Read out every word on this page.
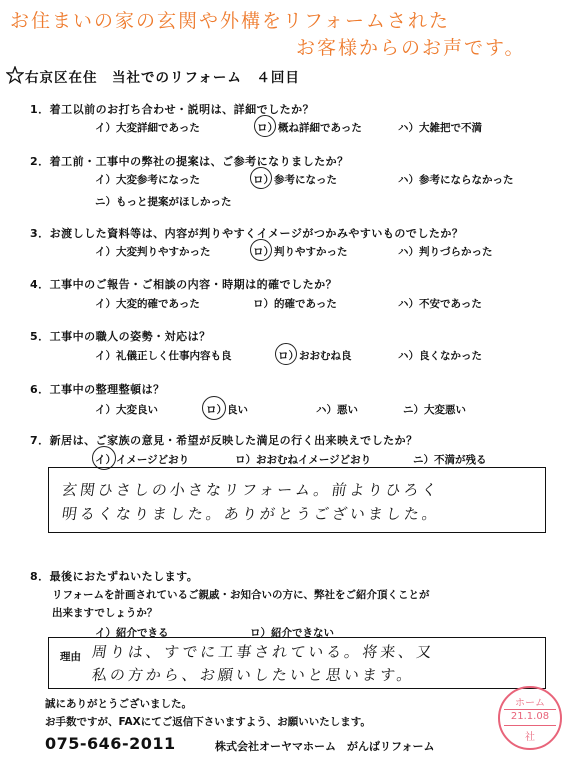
お住まいの家の玄関や外構をリフォームされた
お客様からのお声です。
右京区在住　当社でのリフォーム　４回目
1．着工以前のお打ち合わせ・説明は、詳細でしたか？
イ）大変詳細であった	ロ）概ね詳細であった	ハ）大雑把で不満
2．着工前・工事中の弊社の提案は、ご参考になりましたか？
イ）大変参考になった	ロ）参考になった	ハ）参考にならなかった
ニ）もっと提案がほしかった
3．お渡しした資料等は、内容が判りやすくイメージがつかみやすいものでしたか？
イ）大変判りやすかった	ロ）判りやすかった	ハ）判りづらかった
4．工事中のご報告・ご相談の内容・時期は的確でしたか？
イ）大変的確であった	ロ）的確であった	ハ）不安であった
5．工事中の職人の姿勢・対応は？
イ）礼儀正しく仕事内容も良	ロ）おおむね良	ハ）良くなかった
6．工事中の整理整頓は？
イ）大変良い	ロ）良い	ハ）悪い	ニ）大変悪い
7．新居は、ご家族の意見・希望が反映した満足の行く出来映えでしたか？
イ）イメージどおり	ロ）おおむねイメージどおり	ニ）不満が残る
玄関ひさしの小さなリフォーム。前よりひろく
明るくなりました。ありがとうございました。
8．最後におたずねいたします。
リフォームを計画されているご親戚・お知合いの方に、弊社をご紹介頂くことが
出来ますでしょうか？
イ）紹介できる	ロ）紹介できない
理由 周りは、すでに工事されている。将来、又
私の方から、お願いしたいと思います。
誠にありがとうございました。
お手数ですが、FAXにてご返信下さいますよう、お願いいたします。
075-646-2011	株式会社オーヤマホーム　がんばリフォーム
ホーム
21.1.08
社
